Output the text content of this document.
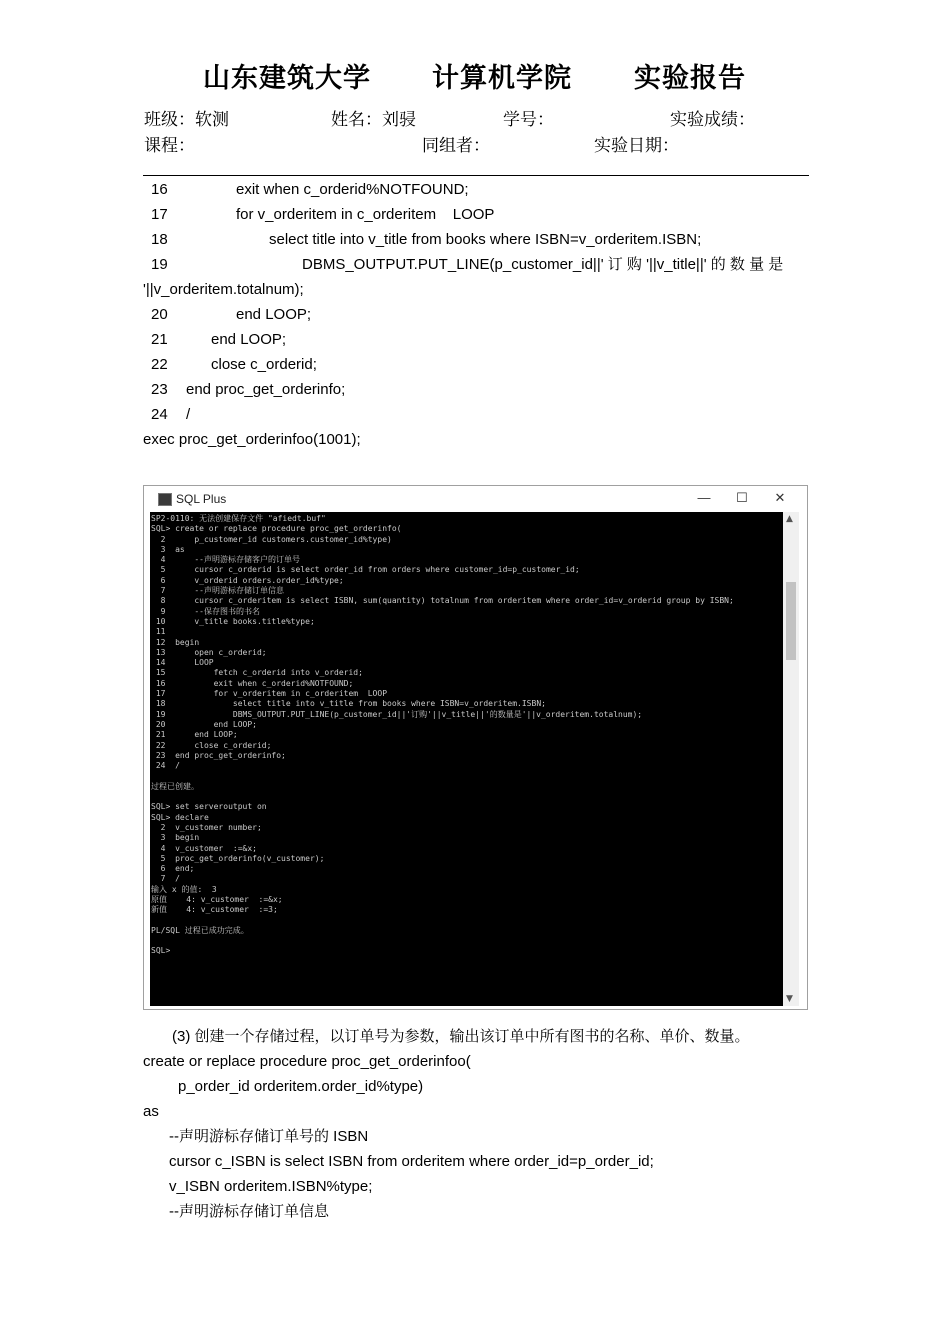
山东建筑大学 计算机学院 实验报告
班级：软测	姓名：刘骎	学号：	实验成绩：
课程：	同组者：	实验日期：
16	exit when c_orderid%NOTFOUND;
17	for v_orderitem in c_orderitem    LOOP
18	select title into v_title from books where ISBN=v_orderitem.ISBN;
19	DBMS_OUTPUT.PUT_LINE(p_customer_id||' 订 购 '||v_title||' 的 数 量 是
'||v_orderitem.totalnum);
20	end LOOP;
21	end LOOP;
22	close c_orderid;
23 end proc_get_orderinfo;
24 /
exec proc_get_orderinfoo(1001);
SQL Plus	—	☐	✕
SP2-0110: 无法创建保存文件 "afiedt.buf"
SQL> create or replace procedure proc_get_orderinfo(
2      p_customer_id customers.customer_id%type)
3  as
4      --声明游标存储客户的订单号
5      cursor c_orderid is select order_id from orders where customer_id=p_customer_id;
6      v_orderid orders.order_id%type;
7      --声明游标存储订单信息
8      cursor c_orderitem is select ISBN, sum(quantity) totalnum from orderitem where order_id=v_orderid group by ISBN;
9      --保存图书的书名
10      v_title books.title%type;
11
12  begin
13      open c_orderid;
14      LOOP
15          fetch c_orderid into v_orderid;
16          exit when c_orderid%NOTFOUND;
17          for v_orderitem in c_orderitem  LOOP
18              select title into v_title from books where ISBN=v_orderitem.ISBN;
19              DBMS_OUTPUT.PUT_LINE(p_customer_id||'订购'||v_title||'的数量是'||v_orderitem.totalnum);
20          end LOOP;
21      end LOOP;
22      close c_orderid;
23  end proc_get_orderinfo;
24  /

过程已创建。

SQL> set serveroutput on
SQL> declare
2  v_customer number;
3  begin
4  v_customer  :=&x;
5  proc_get_orderinfo(v_customer);
6  end;
7  /
输入 x 的值:  3
原值    4: v_customer  :=&x;
新值    4: v_customer  :=3;

PL/SQL 过程已成功完成。

SQL>
▲
▼
(3) 创建一个存储过程，以订单号为参数，输出该订单中所有图书的名称、单价、数量。
create or replace procedure proc_get_orderinfoo(
p_order_id orderitem.order_id%type)
as
--声明游标存储订单号的 ISBN
cursor c_ISBN is select ISBN from orderitem where order_id=p_order_id;
v_ISBN orderitem.ISBN%type;
--声明游标存储订单信息
